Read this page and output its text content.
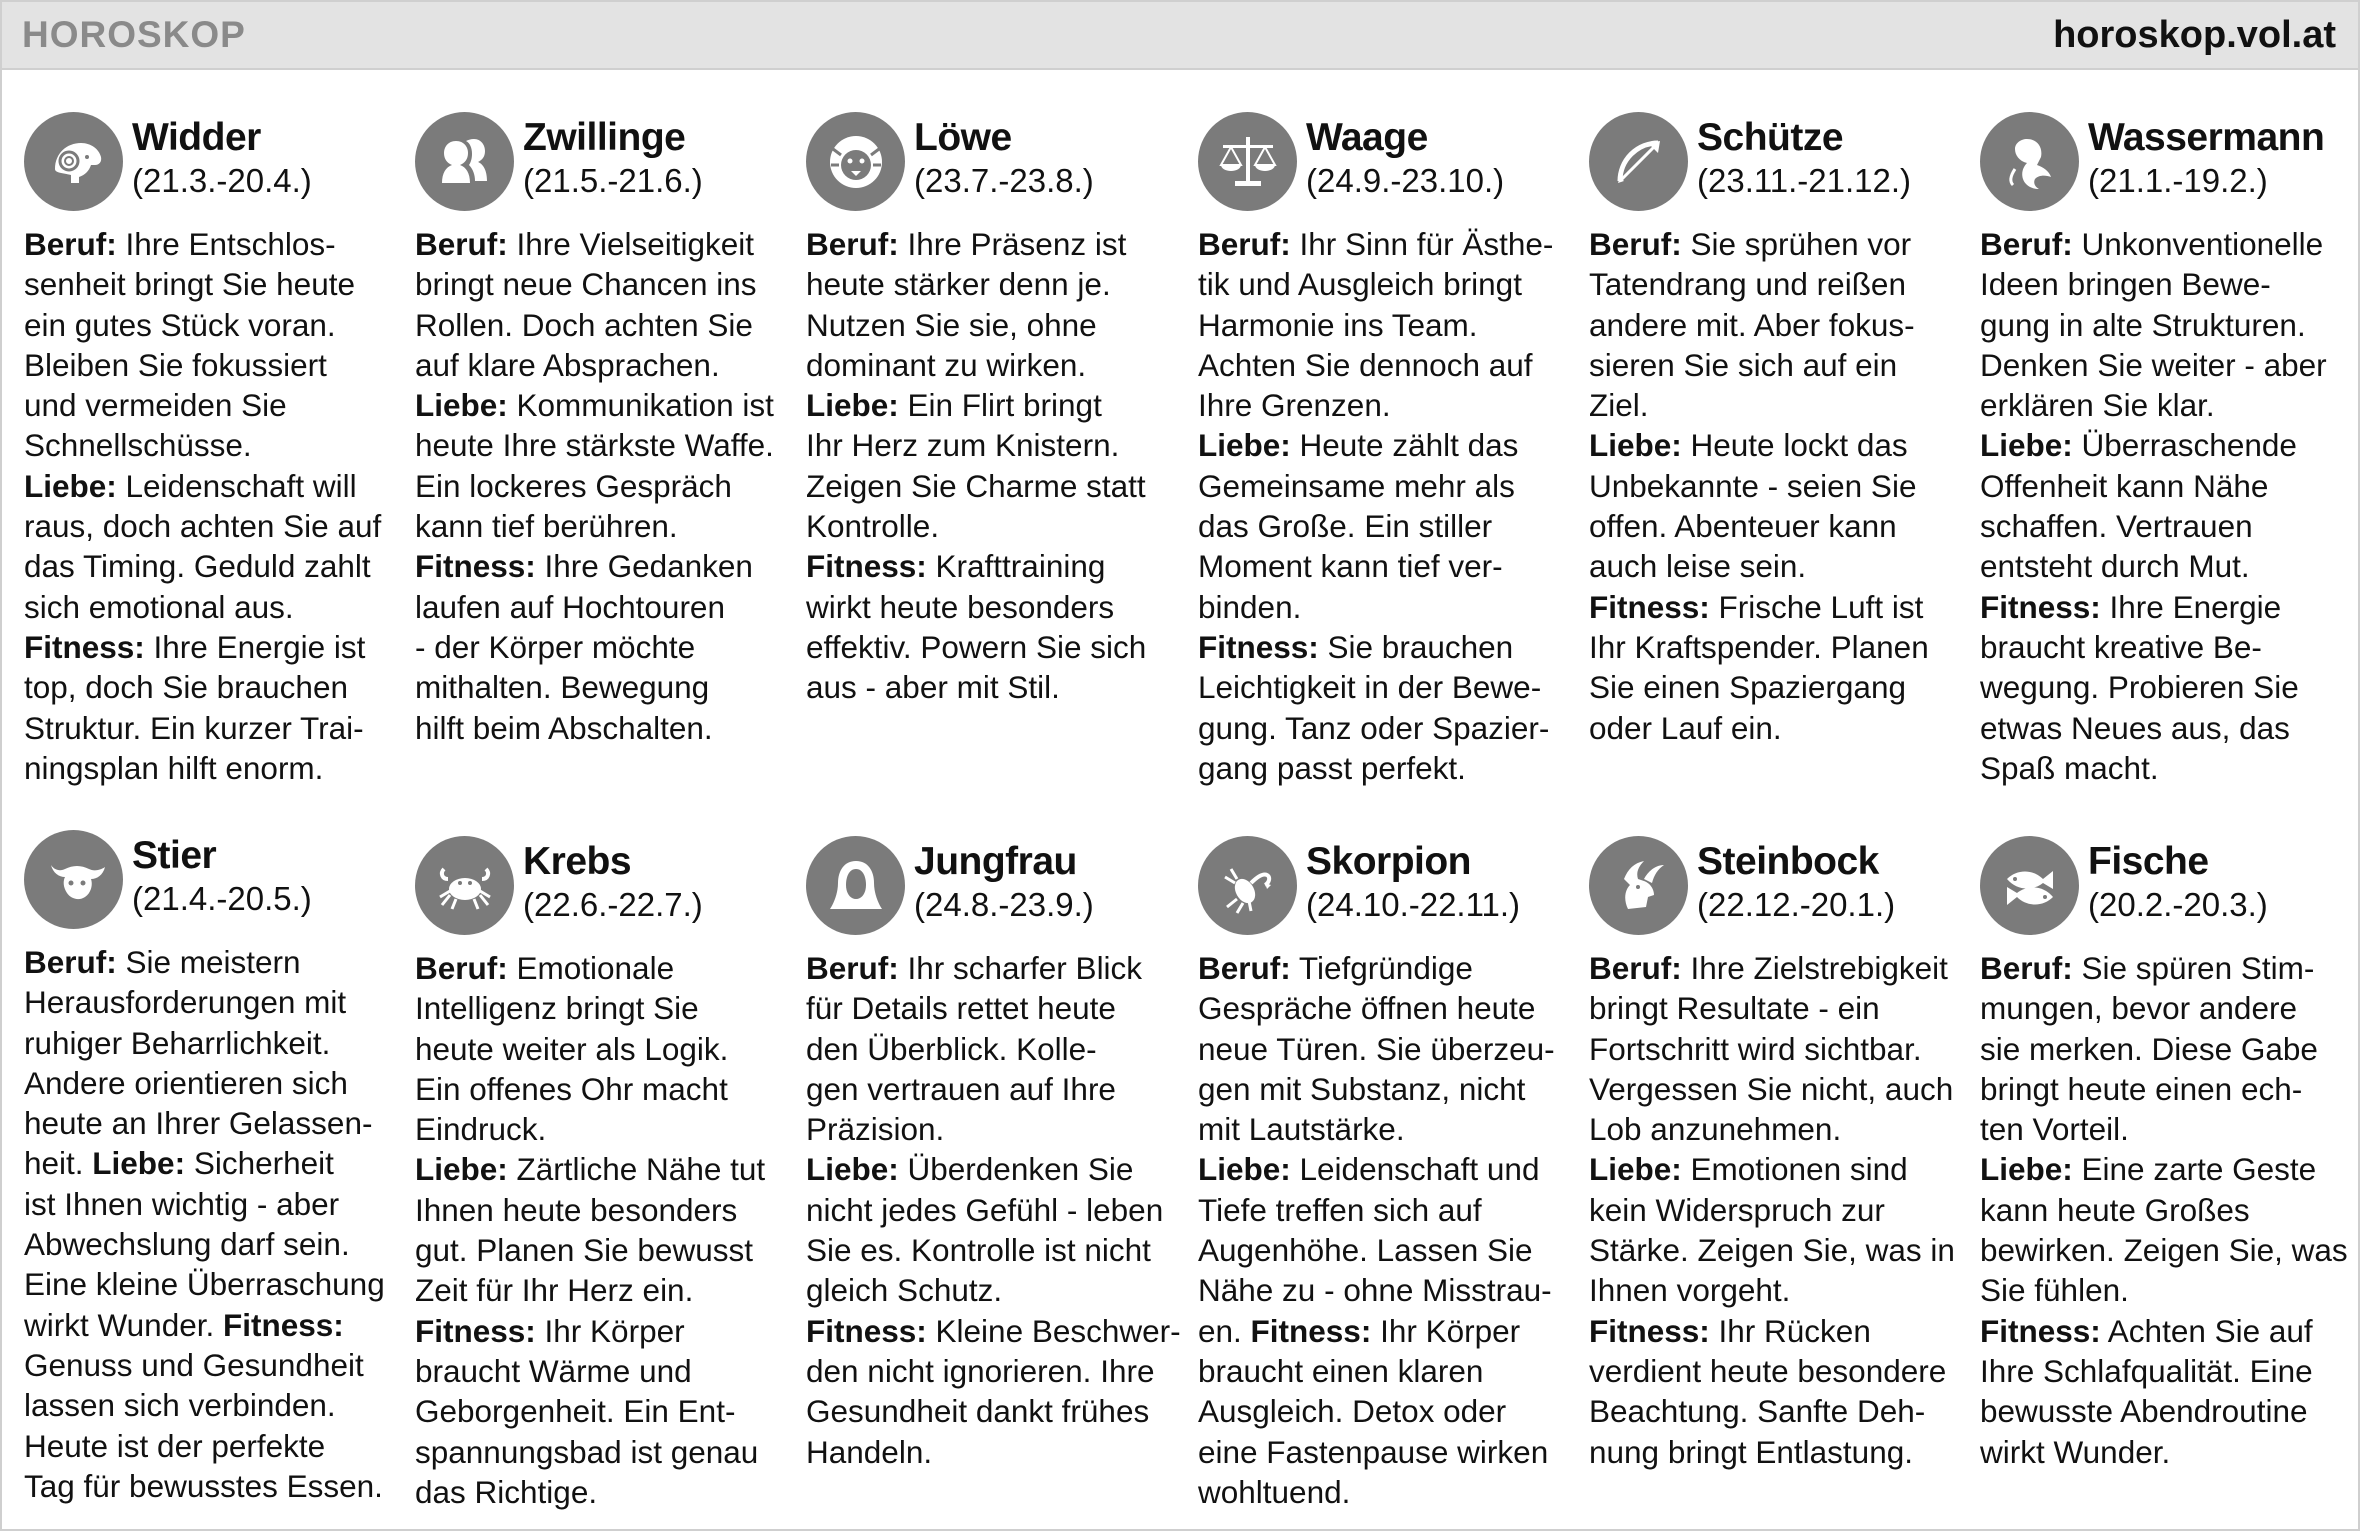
HOROSKOP	horoskop.vol.at
Widder
(21.3.-20.4.)
Beruf: Ihre Entschlos-
senheit bringt Sie heute
ein gutes Stück voran.
Bleiben Sie fokussiert
und vermeiden Sie
Schnellschüsse.
Liebe: Leidenschaft will
raus, doch achten Sie auf
das Timing. Geduld zahlt
sich emotional aus.
Fitness: Ihre Energie ist
top, doch Sie brauchen
Struktur. Ein kurzer Trai-
ningsplan hilft enorm.
Zwillinge
(21.5.-21.6.)
Beruf: Ihre Vielseitigkeit
bringt neue Chancen ins
Rollen. Doch achten Sie
auf klare Absprachen.
Liebe: Kommunikation ist
heute Ihre stärkste Waffe.
Ein lockeres Gespräch
kann tief berühren.
Fitness: Ihre Gedanken
laufen auf Hochtouren
- der Körper möchte
mithalten. Bewegung
hilft beim Abschalten.
Löwe
(23.7.-23.8.)
Beruf: Ihre Präsenz ist
heute stärker denn je.
Nutzen Sie sie, ohne
dominant zu wirken.
Liebe: Ein Flirt bringt
Ihr Herz zum Knistern.
Zeigen Sie Charme statt
Kontrolle.
Fitness: Krafttraining
wirkt heute besonders
effektiv. Powern Sie sich
aus - aber mit Stil.
Waage
(24.9.-23.10.)
Beruf: Ihr Sinn für Ästhe-
tik und Ausgleich bringt
Harmonie ins Team.
Achten Sie dennoch auf
Ihre Grenzen.
Liebe: Heute zählt das
Gemeinsame mehr als
das Große. Ein stiller
Moment kann tief ver-
binden.
Fitness: Sie brauchen
Leichtigkeit in der Bewe-
gung. Tanz oder Spazier-
gang passt perfekt.
Schütze
(23.11.-21.12.)
Beruf: Sie sprühen vor
Tatendrang und reißen
andere mit. Aber fokus-
sieren Sie sich auf ein
Ziel.
Liebe: Heute lockt das
Unbekannte - seien Sie
offen. Abenteuer kann
auch leise sein.
Fitness: Frische Luft ist
Ihr Kraftspender. Planen
Sie einen Spaziergang
oder Lauf ein.
Wassermann
(21.1.-19.2.)
Beruf: Unkonventionelle
Ideen bringen Bewe-
gung in alte Strukturen.
Denken Sie weiter - aber
erklären Sie klar.
Liebe: Überraschende
Offenheit kann Nähe
schaffen. Vertrauen
entsteht durch Mut.
Fitness: Ihre Energie
braucht kreative Be-
wegung. Probieren Sie
etwas Neues aus, das
Spaß macht.
Stier
(21.4.-20.5.)
Beruf: Sie meistern
Herausforderungen mit
ruhiger Beharrlichkeit.
Andere orientieren sich
heute an Ihrer Gelassen-
heit. Liebe: Sicherheit
ist Ihnen wichtig - aber
Abwechslung darf sein.
Eine kleine Überraschung
wirkt Wunder. Fitness:
Genuss und Gesundheit
lassen sich verbinden.
Heute ist der perfekte
Tag für bewusstes Essen.
Krebs
(22.6.-22.7.)
Beruf: Emotionale
Intelligenz bringt Sie
heute weiter als Logik.
Ein offenes Ohr macht
Eindruck.
Liebe: Zärtliche Nähe tut
Ihnen heute besonders
gut. Planen Sie bewusst
Zeit für Ihr Herz ein.
Fitness: Ihr Körper
braucht Wärme und
Geborgenheit. Ein Ent-
spannungsbad ist genau
das Richtige.
Jungfrau
(24.8.-23.9.)
Beruf: Ihr scharfer Blick
für Details rettet heute
den Überblick. Kolle-
gen vertrauen auf Ihre
Präzision.
Liebe: Überdenken Sie
nicht jedes Gefühl - leben
Sie es. Kontrolle ist nicht
gleich Schutz.
Fitness: Kleine Beschwer-
den nicht ignorieren. Ihre
Gesundheit dankt frühes
Handeln.
Skorpion
(24.10.-22.11.)
Beruf: Tiefgründige
Gespräche öffnen heute
neue Türen. Sie überzeu-
gen mit Substanz, nicht
mit Lautstärke.
Liebe: Leidenschaft und
Tiefe treffen sich auf
Augenhöhe. Lassen Sie
Nähe zu - ohne Misstrau-
en. Fitness: Ihr Körper
braucht einen klaren
Ausgleich. Detox oder
eine Fastenpause wirken
wohltuend.
Steinbock
(22.12.-20.1.)
Beruf: Ihre Zielstrebigkeit
bringt Resultate - ein
Fortschritt wird sichtbar.
Vergessen Sie nicht, auch
Lob anzunehmen.
Liebe: Emotionen sind
kein Widerspruch zur
Stärke. Zeigen Sie, was in
Ihnen vorgeht.
Fitness: Ihr Rücken
verdient heute besondere
Beachtung. Sanfte Deh-
nung bringt Entlastung.
Fische
(20.2.-20.3.)
Beruf: Sie spüren Stim-
mungen, bevor andere
sie merken. Diese Gabe
bringt heute einen ech-
ten Vorteil.
Liebe: Eine zarte Geste
kann heute Großes
bewirken. Zeigen Sie, was
Sie fühlen.
Fitness: Achten Sie auf
Ihre Schlafqualität. Eine
bewusste Abendroutine
wirkt Wunder.
